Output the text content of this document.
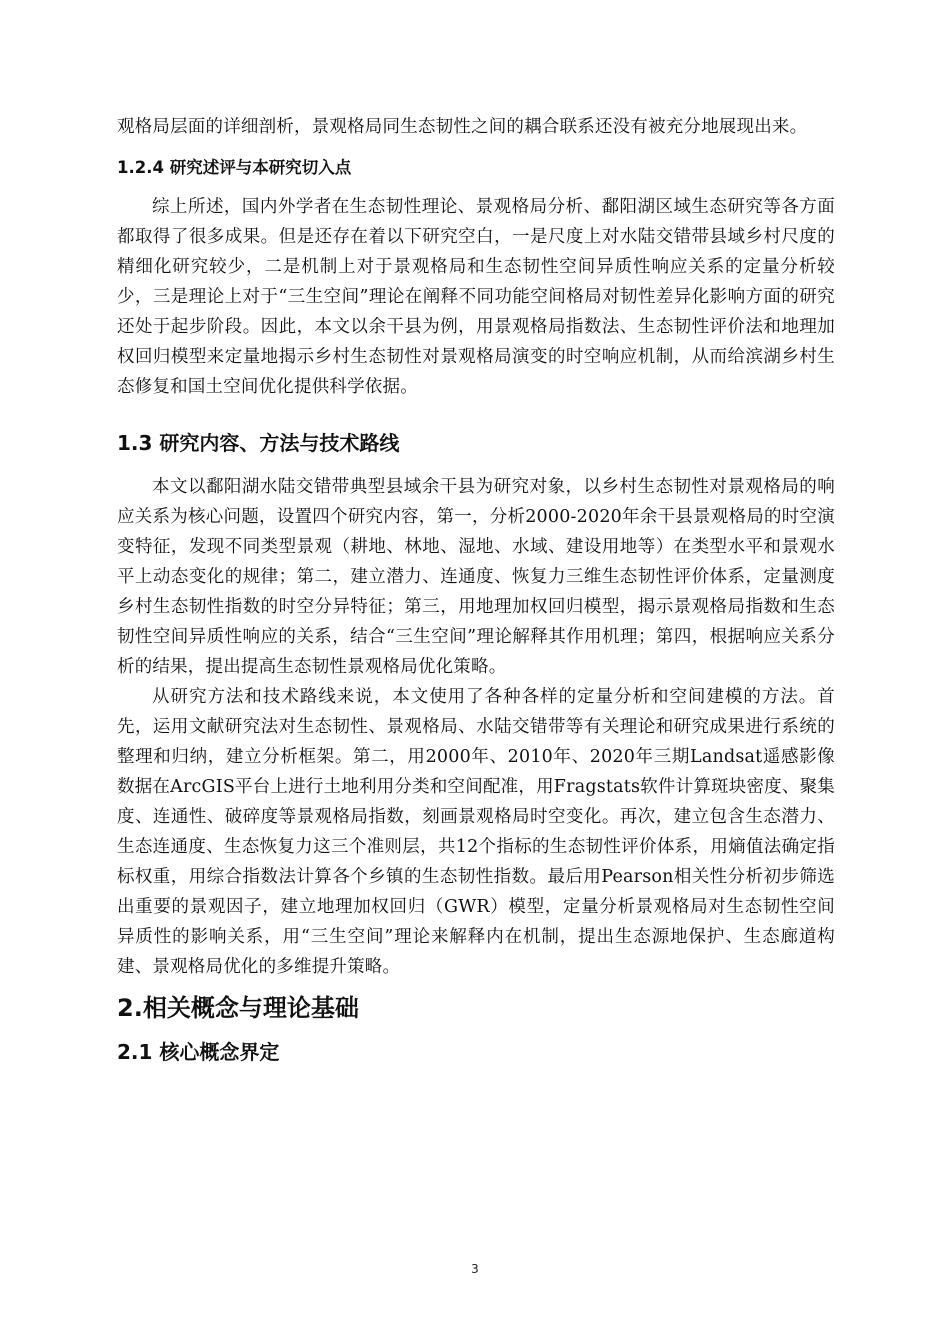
观格局层面的详细剖析，景观格局同生态韧性之间的耦合联系还没有被充分地展现出来。

1.2.4 研究述评与本研究切入点

综上所述，国内外学者在生态韧性理论、景观格局分析、鄱阳湖区域生态研究等各方面都取得了很多成果。但是还存在着以下研究空白，一是尺度上对水陆交错带县域乡村尺度的精细化研究较少，二是机制上对于景观格局和生态韧性空间异质性响应关系的定量分析较少，三是理论上对于“三生空间”理论在阐释不同功能空间格局对韧性差异化影响方面的研究还处于起步阶段。因此，本文以余干县为例，用景观格局指数法、生态韧性评价法和地理加权回归模型来定量地揭示乡村生态韧性对景观格局演变的时空响应机制，从而给滨湖乡村生态修复和国土空间优化提供科学依据。

1.3 研究内容、方法与技术路线

本文以鄱阳湖水陆交错带典型县域余干县为研究对象，以乡村生态韧性对景观格局的响应关系为核心问题，设置四个研究内容，第一，分析2000-2020年余干县景观格局的时空演变特征，发现不同类型景观（耕地、林地、湿地、水域、建设用地等）在类型水平和景观水平上动态变化的规律；第二，建立潜力、连通度、恢复力三维生态韧性评价体系，定量测度乡村生态韧性指数的时空分异特征；第三，用地理加权回归模型，揭示景观格局指数和生态韧性空间异质性响应的关系，结合“三生空间”理论解释其作用机理；第四，根据响应关系分析的结果，提出提高生态韧性景观格局优化策略。

从研究方法和技术路线来说，本文使用了各种各样的定量分析和空间建模的方法。首先，运用文献研究法对生态韧性、景观格局、水陆交错带等有关理论和研究成果进行系统的整理和归纳，建立分析框架。第二，用2000年、2010年、2020年三期Landsat遥感影像数据在ArcGIS平台上进行土地利用分类和空间配准，用Fragstats软件计算斑块密度、聚集度、连通性、破碎度等景观格局指数，刻画景观格局时空变化。再次，建立包含生态潜力、生态连通度、生态恢复力这三个准则层，共12个指标的生态韧性评价体系，用熵值法确定指标权重，用综合指数法计算各个乡镇的生态韧性指数。最后用Pearson相关性分析初步筛选出重要的景观因子，建立地理加权回归（GWR）模型，定量分析景观格局对生态韧性空间异质性的影响关系，用“三生空间”理论来解释内在机制，提出生态源地保护、生态廊道构建、景观格局优化的多维提升策略。

2.相关概念与理论基础
2.1 核心概念界定
3
